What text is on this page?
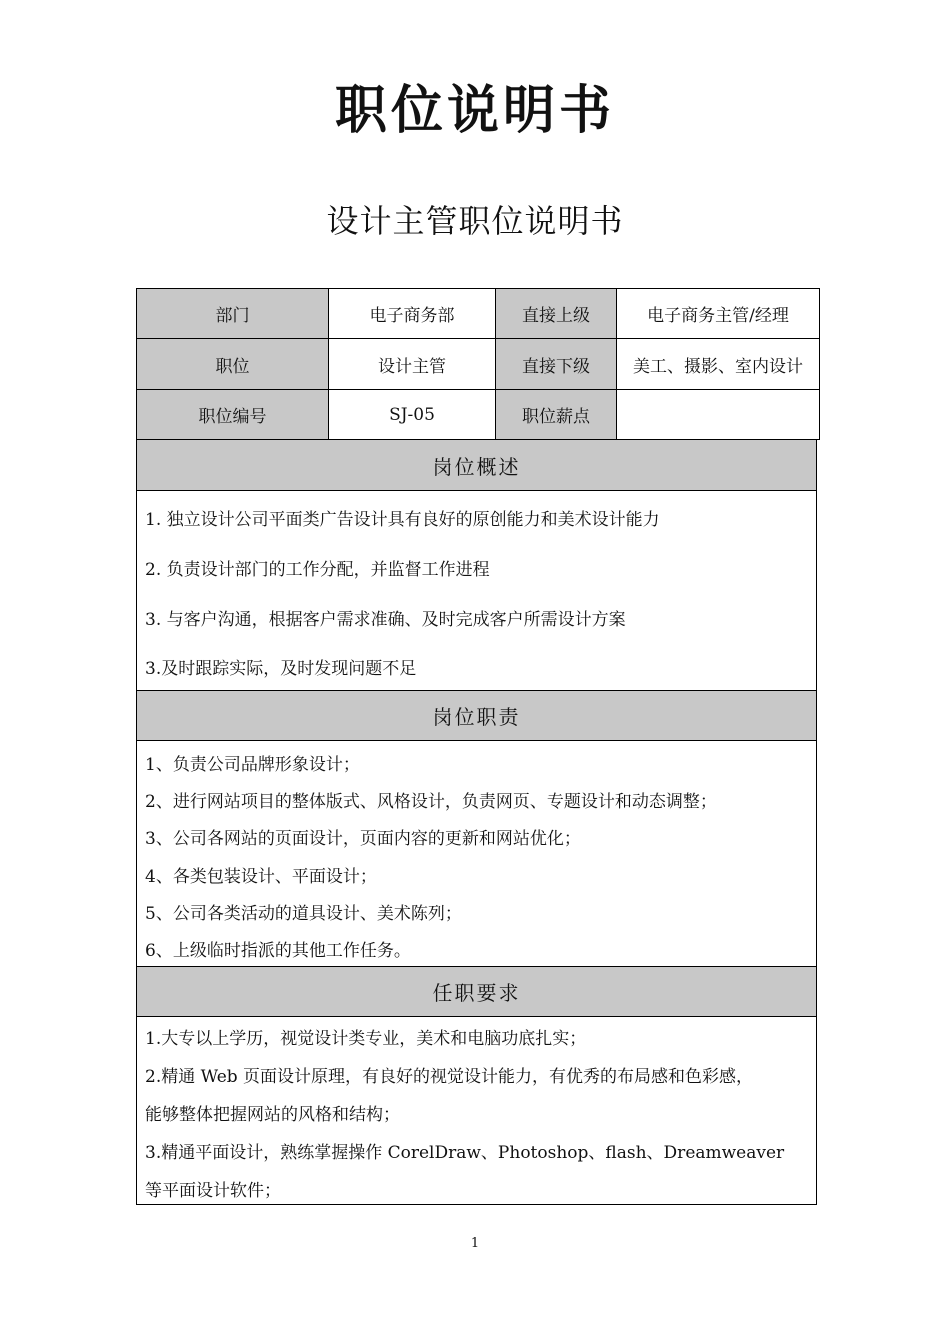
职位说明书
设计主管职位说明书
部门	电子商务部	直接上级	电子商务主管/经理
职位	设计主管	直接下级	美工、摄影、室内设计
职位编号	SJ-05	职位薪点
岗位概述
1. 独立设计公司平面类广告设计具有良好的原创能力和美术设计能力
2. 负责设计部门的工作分配，并监督工作进程
3. 与客户沟通，根据客户需求准确、及时完成客户所需设计方案
3.及时跟踪实际，及时发现问题不足
岗位职责
1、负责公司品牌形象设计；
2、进行网站项目的整体版式、风格设计，负责网页、专题设计和动态调整；
3、公司各网站的页面设计，页面内容的更新和网站优化；
4、各类包装设计、平面设计；
5、公司各类活动的道具设计、美术陈列；
6、上级临时指派的其他工作任务。
任职要求
1.大专以上学历，视觉设计类专业，美术和电脑功底扎实；
2.精通 Web 页面设计原理，有良好的视觉设计能力，有优秀的布局感和色彩感，
能够整体把握网站的风格和结构；
3.精通平面设计，熟练掌握操作 CorelDraw、Photoshop、flash、Dreamweaver
等平面设计软件；
1
